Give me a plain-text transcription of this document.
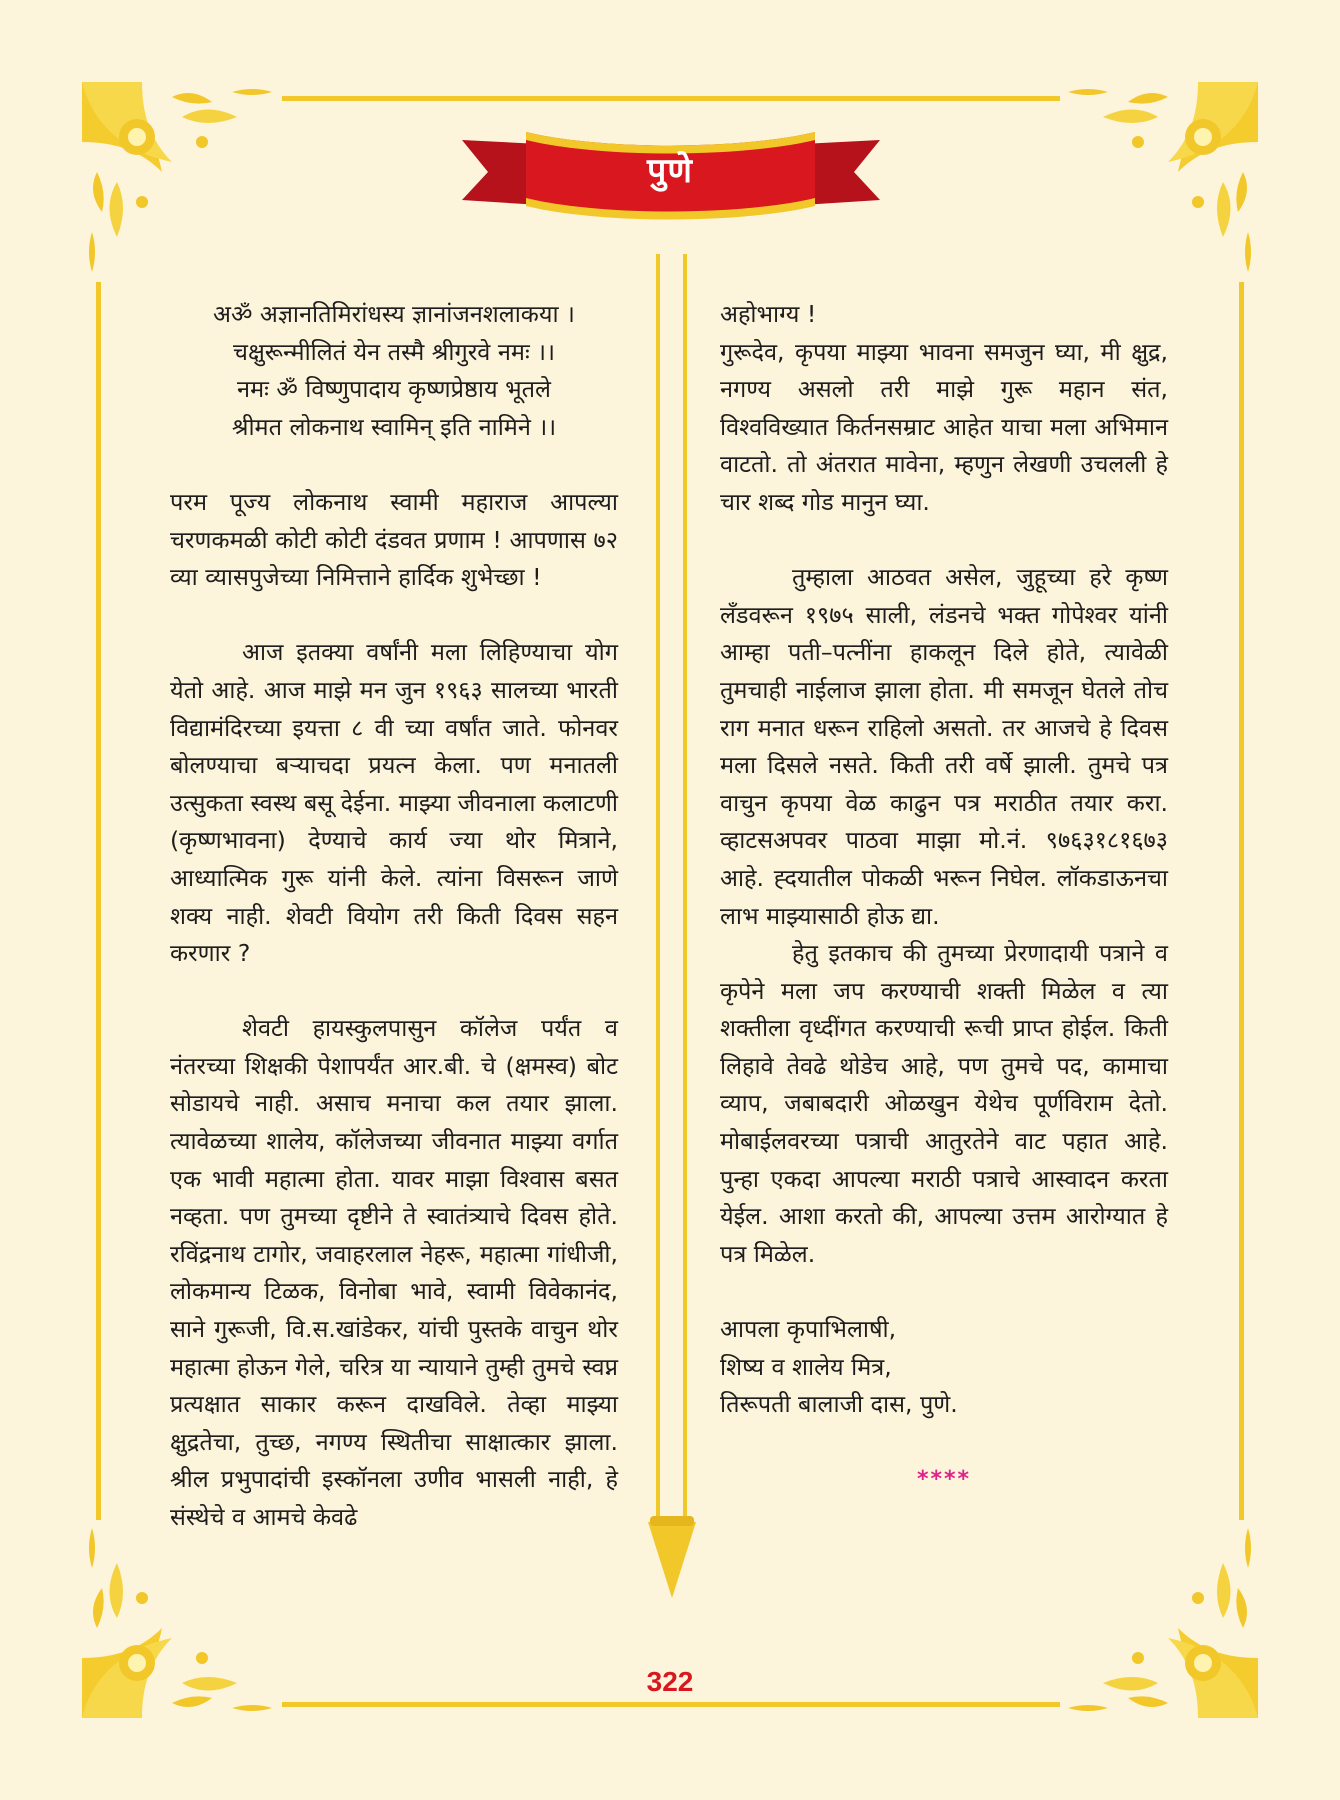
पुणे

अॐ अज्ञानतिमिरांधस्य ज्ञानांजनशलाकया ।

चक्षुरून्मीलितं येन तस्मै श्रीगुरवे नमः ।।

नमः ॐ विष्णुपादाय कृष्णप्रेष्ठाय भूतले

श्रीमत लोकनाथ स्वामिन् इति नामिने ।।

परम पूज्य लोकनाथ स्वामी महाराज आपल्या चरणकमळी कोटी कोटी दंडवत प्रणाम ! आपणास ७२ व्या व्यासपुजेच्या निमित्ताने हार्दिक शुभेच्छा !

आज इतक्या वर्षांनी मला लिहिण्याचा योग येतो आहे. आज माझे मन जुन १९६३ सालच्या भारती विद्यामंदिरच्या इयत्ता ८ वी च्या वर्षांत जाते. फोनवर बोलण्याचा बऱ्याचदा प्रयत्न केला. पण मनातली उत्सुकता स्वस्थ बसू देईना. माझ्या जीवनाला कलाटणी (कृष्णभावना) देण्याचे कार्य ज्या थोर मित्राने, आध्यात्मिक गुरू यांनी केले. त्यांना विसरून जाणे शक्य नाही. शेवटी वियोग तरी किती दिवस सहन करणार ?

शेवटी हायस्कुलपासुन कॉलेज पर्यंत व नंतरच्या शिक्षकी पेशापर्यंत आर.बी. चे (क्षमस्व) बोट सोडायचे नाही. असाच मनाचा कल तयार झाला. त्यावेळच्या शालेय, कॉलेजच्या जीवनात माझ्या वर्गात एक भावी महात्मा होता. यावर माझा विश्वास बसत नव्हता. पण तुमच्या दृष्टीने ते स्वातंत्र्याचे दिवस होते. रविंद्रनाथ टागोर, जवाहरलाल नेहरू, महात्मा गांधीजी, लोकमान्य टिळक, विनोबा भावे, स्वामी विवेकानंद, साने गुरूजी, वि.स.खांडेकर, यांची पुस्तके वाचुन थोर महात्मा होऊन गेले, चरित्र या न्यायाने तुम्ही तुमचे स्वप्न प्रत्यक्षात साकार करून दाखविले. तेव्हा माझ्या क्षुद्रतेचा, तुच्छ, नगण्य स्थितीचा साक्षात्कार झाला. श्रील प्रभुपादांची इस्कॉनला उणीव भासली नाही, हे संस्थेचे व आमचे केवढे

अहोभाग्य !

गुरूदेव, कृपया माझ्या भावना समजुन घ्या, मी क्षुद्र, नगण्य असलो तरी माझे गुरू महान संत, विश्वविख्यात किर्तनसम्राट आहेत याचा मला अभिमान वाटतो. तो अंतरात मावेना, म्हणुन लेखणी उचलली हे चार शब्द गोड मानुन घ्या.

तुम्हाला आठवत असेल, जुहूच्या हरे कृष्ण लँडवरून १९७५ साली, लंडनचे भक्त गोपेश्वर यांनी आम्हा पती–पत्नींना हाकलून दिले होते, त्यावेळी तुमचाही नाईलाज झाला होता. मी समजून घेतले तोच राग मनात धरून राहिलो असतो. तर आजचे हे दिवस मला दिसले नसते. किती तरी वर्षे झाली. तुमचे पत्र वाचुन कृपया वेळ काढुन पत्र मराठीत तयार करा. व्हाटसअपवर पाठवा माझा मो.नं. ९७६३१८१६७३ आहे. ह्दयातील पोकळी भरून निघेल. लॉकडाऊनचा लाभ माझ्यासाठी होऊ द्या.

हेतु इतकाच की तुमच्या प्रेरणादायी पत्राने व कृपेने मला जप करण्याची शक्ती मिळेल व त्या शक्तीला वृध्दींगत करण्याची रूची प्राप्त होईल. किती लिहावे तेवढे थोडेच आहे, पण तुमचे पद, कामाचा व्याप, जबाबदारी ओळखुन येथेच पूर्णविराम देतो. मोबाईलवरच्या पत्राची आतुरतेने वाट पहात आहे. पुन्हा एकदा आपल्या मराठी पत्राचे आस्वादन करता येईल. आशा करतो की, आपल्या उत्तम आरोग्यात हे पत्र मिळेल.

आपला कृपाभिलाषी,

शिष्य व शालेय मित्र,

तिरूपती बालाजी दास, पुणे.

****

322
